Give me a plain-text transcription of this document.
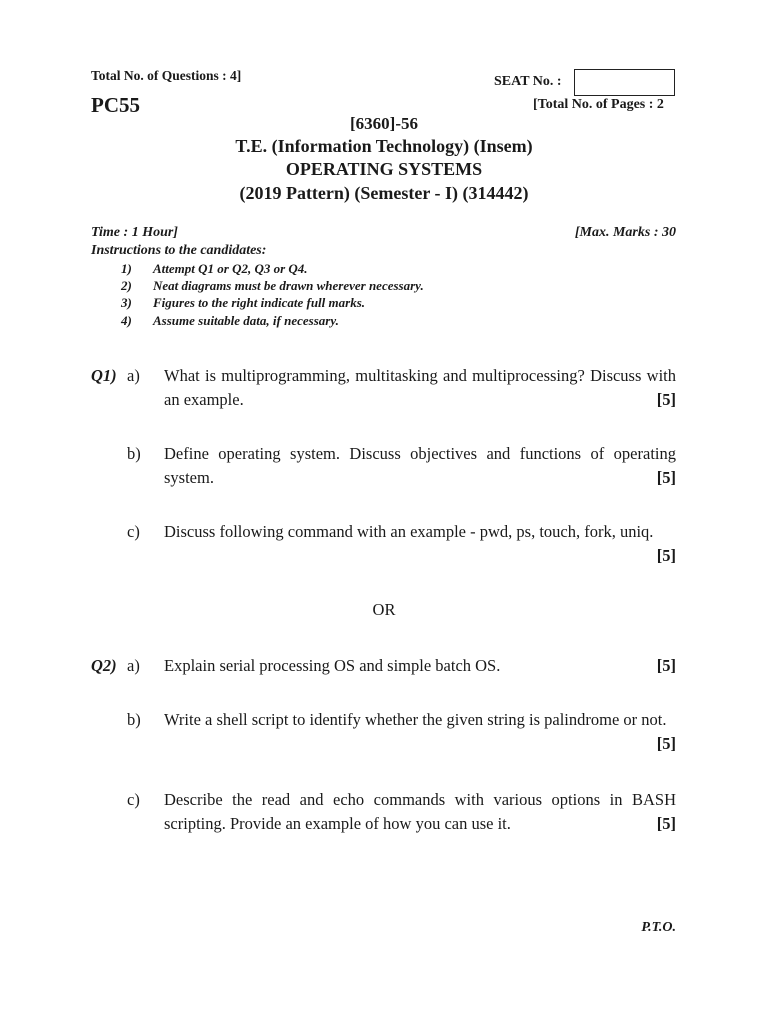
Total No. of Questions : 4]	SEAT No. :
PC55	[Total No. of Pages : 2
[6360]-56
T.E. (Information Technology) (Insem)
OPERATING SYSTEMS
(2019 Pattern) (Semester - I) (314442)
Time : 1 Hour]	[Max. Marks : 30
Instructions to the candidates:
1) Attempt Q1 or Q2, Q3 or Q4.
2) Neat diagrams must be drawn wherever necessary.
3) Figures to the right indicate full marks.
4) Assume suitable data, if necessary.
Q1) a) What is multiprogramming, multitasking and multiprocessing? Discuss with an example.	[5]
b) Define operating system. Discuss objectives and functions of operating system.	[5]
c) Discuss following command with an example - pwd, ps, touch, fork, uniq.
[5]
OR
Q2) a) Explain serial processing OS and simple batch OS.	[5]
b) Write a shell script to identify whether the given string is palindrome or not.
[5]
c) Describe the read and echo commands with various options in BASH scripting. Provide an example of how you can use it.	[5]
P.T.O.
